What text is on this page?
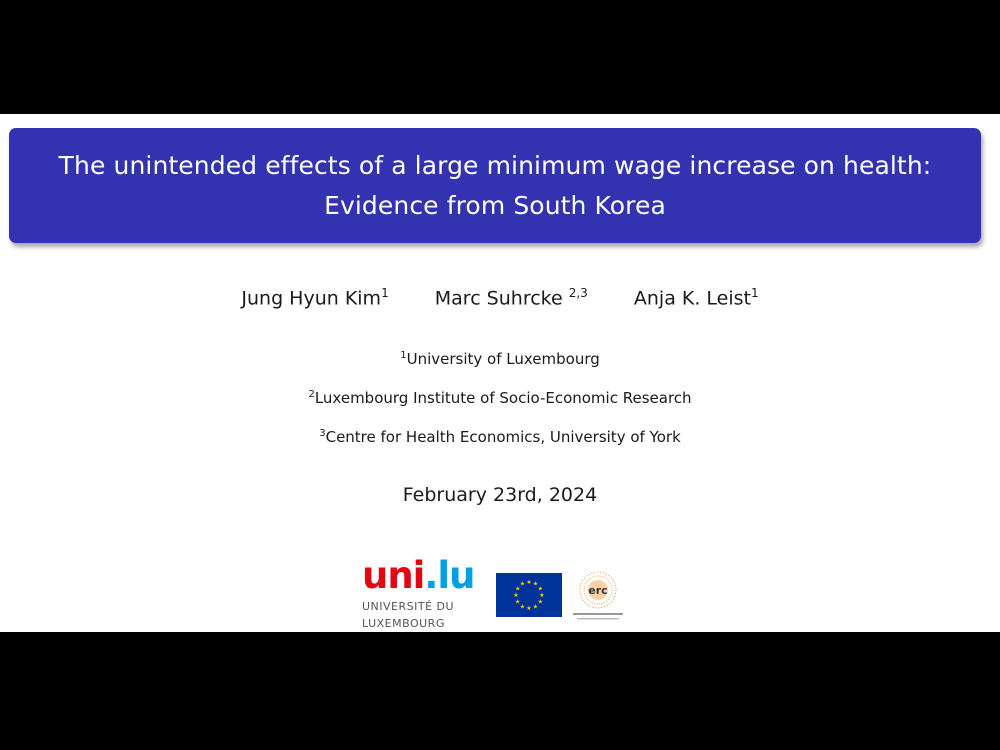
The unintended effects of a large minimum wage increase on health:
Evidence from South Korea
Jung Hyun Kim$^1$ Marc Suhrcke $^{2,3}$ Anja K. Leist$^1$
$^1$University of Luxembourg
$^2$Luxembourg Institute of Socio-Economic Research
$^3$Centre for Health Economics, University of York
February 23rd, 2024
uni.lu
UNIVERSITÉ DU
LUXEMBOURG
★ ★
★
★
★
★
★
★
★
★
★
★	erc
